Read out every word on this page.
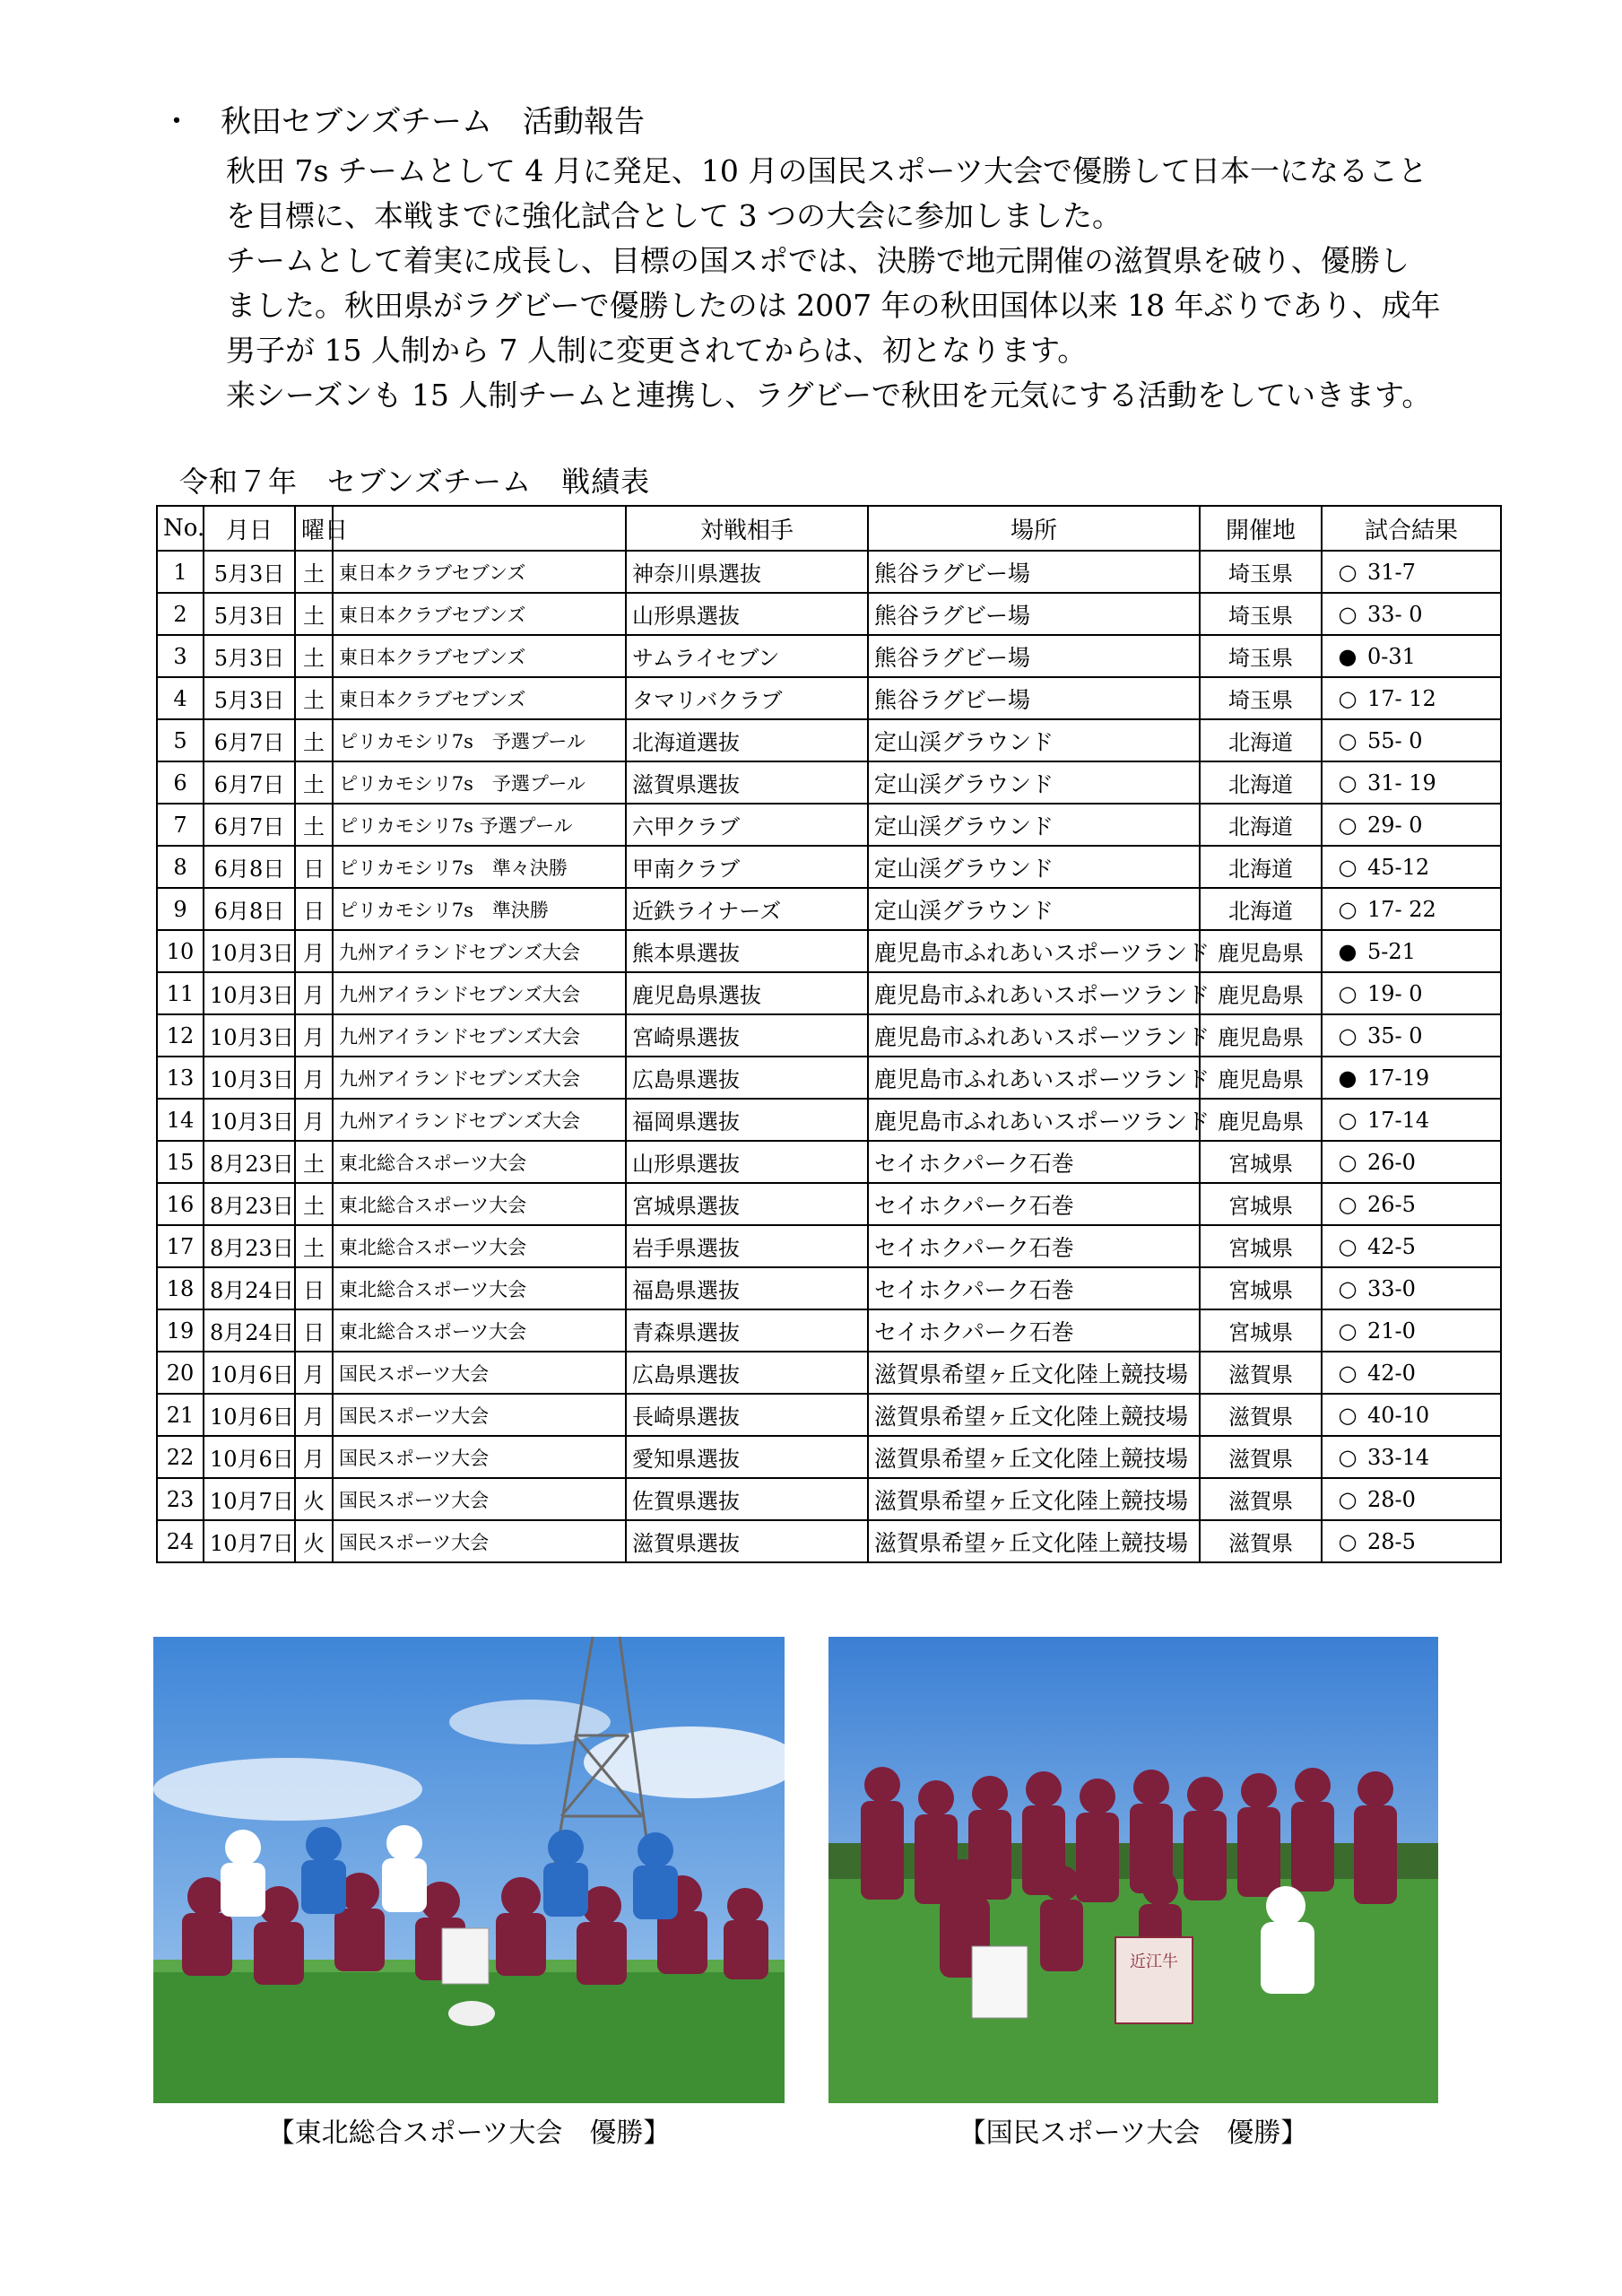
・ 秋田セブンズチーム　活動報告

秋田 7s チームとして 4 月に発足、10 月の国民スポーツ大会で優勝して日本一になること

を目標に、本戦までに強化試合として 3 つの大会に参加しました。

チームとして着実に成長し、目標の国スポでは、決勝で地元開催の滋賀県を破り、優勝し

ました。秋田県がラグビーで優勝したのは 2007 年の秋田国体以来 18 年ぶりであり、成年

男子が 15 人制から 7 人制に変更されてからは、初となります。

来シーズンも 15 人制チームと連携し、ラグビーで秋田を元気にする活動をしていきます。

令和７年　セブンズチーム　戦績表
No.	月日	曜日		対戦相手	場所	開催地	試合結果
1	5月3日	土	東日本クラブセブンズ	神奈川県選抜	熊谷ラグビー場	埼玉県	○ 31-7
2	5月3日	土	東日本クラブセブンズ	山形県選抜	熊谷ラグビー場	埼玉県	○ 33- 0
3	5月3日	土	東日本クラブセブンズ	サムライセブン	熊谷ラグビー場	埼玉県	● 0-31
4	5月3日	土	東日本クラブセブンズ	タマリバクラブ	熊谷ラグビー場	埼玉県	○ 17- 12
5	6月7日	土	ピリカモシリ7s　予選プール	北海道選抜	定山渓グラウンド	北海道	○ 55- 0
6	6月7日	土	ピリカモシリ7s　予選プール	滋賀県選抜	定山渓グラウンド	北海道	○ 31- 19
7	6月7日	土	ピリカモシリ7s 予選プール	六甲クラブ	定山渓グラウンド	北海道	○ 29- 0
8	6月8日	日	ピリカモシリ7s　準々決勝	甲南クラブ	定山渓グラウンド	北海道	○ 45-12
9	6月8日	日	ピリカモシリ7s　準決勝	近鉄ライナーズ	定山渓グラウンド	北海道	○ 17- 22
10	10月3日	月	九州アイランドセブンズ大会	熊本県選抜	鹿児島市ふれあいスポーツランド	鹿児島県	● 5-21
11	10月3日	月	九州アイランドセブンズ大会	鹿児島県選抜	鹿児島市ふれあいスポーツランド	鹿児島県	○ 19- 0
12	10月3日	月	九州アイランドセブンズ大会	宮崎県選抜	鹿児島市ふれあいスポーツランド	鹿児島県	○ 35- 0
13	10月3日	月	九州アイランドセブンズ大会	広島県選抜	鹿児島市ふれあいスポーツランド	鹿児島県	● 17-19
14	10月3日	月	九州アイランドセブンズ大会	福岡県選抜	鹿児島市ふれあいスポーツランド	鹿児島県	○ 17-14
15	8月23日	土	東北総合スポーツ大会	山形県選抜	セイホクパーク石巻	宮城県	○ 26-0
16	8月23日	土	東北総合スポーツ大会	宮城県選抜	セイホクパーク石巻	宮城県	○ 26-5
17	8月23日	土	東北総合スポーツ大会	岩手県選抜	セイホクパーク石巻	宮城県	○ 42-5
18	8月24日	日	東北総合スポーツ大会	福島県選抜	セイホクパーク石巻	宮城県	○ 33-0
19	8月24日	日	東北総合スポーツ大会	青森県選抜	セイホクパーク石巻	宮城県	○ 21-0
20	10月6日	月	国民スポーツ大会	広島県選抜	滋賀県希望ヶ丘文化陸上競技場	滋賀県	○ 42-0
21	10月6日	月	国民スポーツ大会	長崎県選抜	滋賀県希望ヶ丘文化陸上競技場	滋賀県	○ 40-10
22	10月6日	月	国民スポーツ大会	愛知県選抜	滋賀県希望ヶ丘文化陸上競技場	滋賀県	○ 33-14
23	10月7日	火	国民スポーツ大会	佐賀県選抜	滋賀県希望ヶ丘文化陸上競技場	滋賀県	○ 28-0
24	10月7日	火	国民スポーツ大会	滋賀県選抜	滋賀県希望ヶ丘文化陸上競技場	滋賀県	○ 28-5
近江牛
【東北総合スポーツ大会　優勝】	【国民スポーツ大会　優勝】
